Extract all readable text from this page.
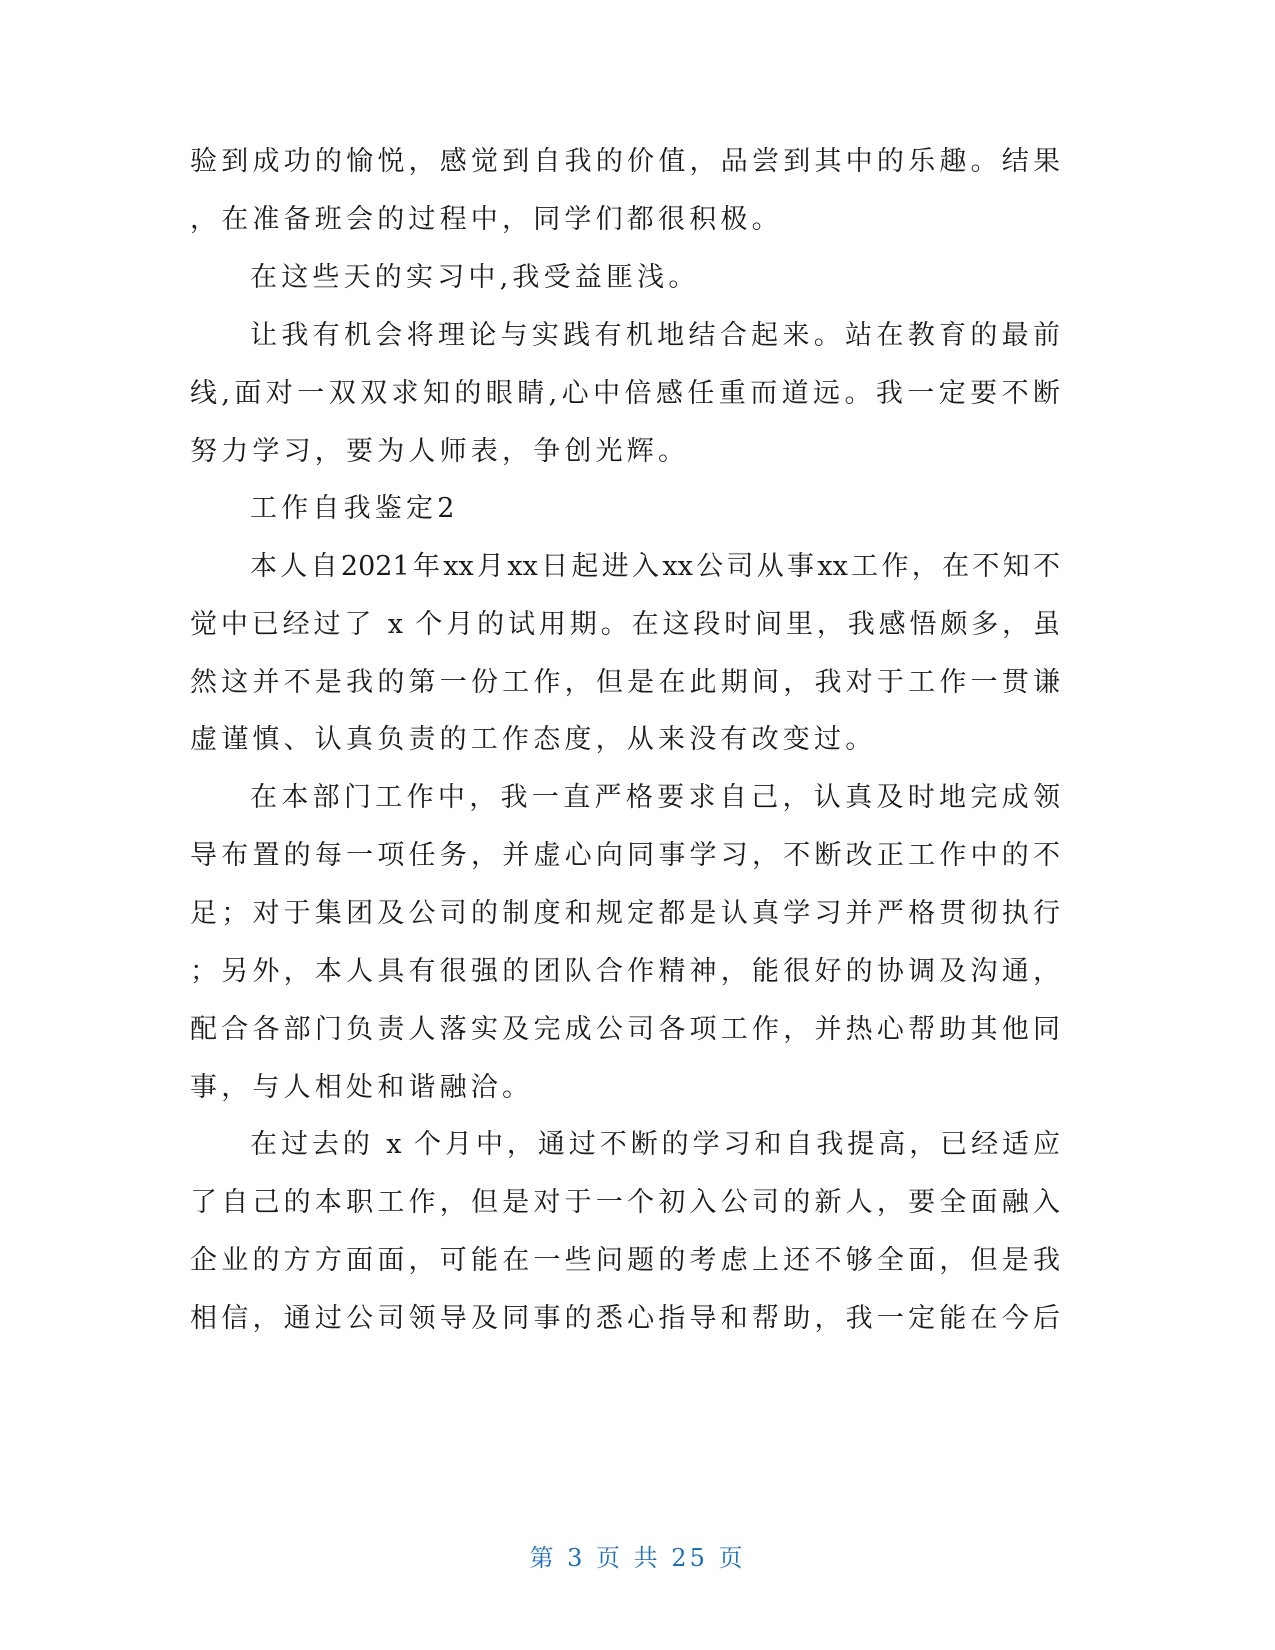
验到成功的愉悦，感觉到自我的价值，品尝到其中的乐趣。结果
，在准备班会的过程中，同学们都很积极。
在这些天的实习中,我受益匪浅。
让我有机会将理论与实践有机地结合起来。站在教育的最前
线,面对一双双求知的眼睛,心中倍感任重而道远。我一定要不断
努力学习，要为人师表，争创光辉。
工作自我鉴定2
本人自2021年xx月xx日起进入xx公司从事xx工作，在不知不
觉中已经过了 x 个月的试用期。在这段时间里，我感悟颇多，虽
然这并不是我的第一份工作，但是在此期间，我对于工作一贯谦
虚谨慎、认真负责的工作态度，从来没有改变过。
在本部门工作中，我一直严格要求自己，认真及时地完成领
导布置的每一项任务，并虚心向同事学习，不断改正工作中的不
足；对于集团及公司的制度和规定都是认真学习并严格贯彻执行
；另外，本人具有很强的团队合作精神，能很好的协调及沟通，
配合各部门负责人落实及完成公司各项工作，并热心帮助其他同
事，与人相处和谐融洽。
在过去的 x 个月中，通过不断的学习和自我提高，已经适应
了自己的本职工作，但是对于一个初入公司的新人，要全面融入
企业的方方面面，可能在一些问题的考虑上还不够全面，但是我
相信，通过公司领导及同事的悉心指导和帮助，我一定能在今后
第 3 页 共 25 页
